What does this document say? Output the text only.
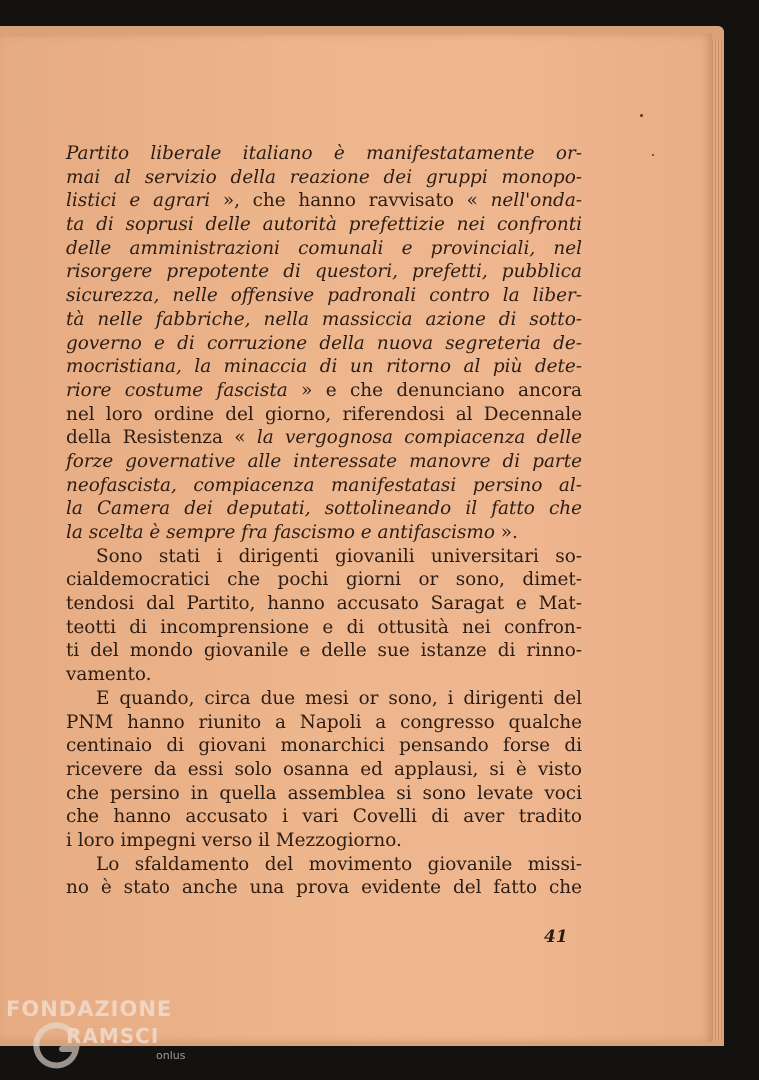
Partito liberale italiano è manifestatamente or-
mai al servizio della reazione dei gruppi monopo-
listici e agrari », che hanno ravvisato « nell'onda-
ta di soprusi delle autorità prefettizie nei confronti
delle amministrazioni comunali e provinciali, nel
risorgere prepotente di questori, prefetti, pubblica
sicurezza, nelle offensive padronali contro la liber-
tà nelle fabbriche, nella massiccia azione di sotto-
governo e di corruzione della nuova segreteria de-
mocristiana, la minaccia di un ritorno al più dete-
riore costume fascista » e che denunciano ancora
nel loro ordine del giorno, riferendosi al Decennale
della Resistenza « la vergognosa compiacenza delle
forze governative alle interessate manovre di parte
neofascista, compiacenza manifestatasi persino al-
la Camera dei deputati, sottolineando il fatto che
la scelta è sempre fra fascismo e antifascismo ».
Sono stati i dirigenti giovanili universitari so-
cialdemocratici che pochi giorni or sono, dimet-
tendosi dal Partito, hanno accusato Saragat e Mat-
teotti di incomprensione e di ottusità nei confron-
ti del mondo giovanile e delle sue istanze di rinno-
vamento.
E quando, circa due mesi or sono, i dirigenti del
PNM hanno riunito a Napoli a congresso qualche
centinaio di giovani monarchici pensando forse di
ricevere da essi solo osanna ed applausi, si è visto
che persino in quella assemblea si sono levate voci
che hanno accusato i vari Covelli di aver tradito
i loro impegni verso il Mezzogiorno.
Lo sfaldamento del movimento giovanile missi-
no è stato anche una prova evidente del fatto che
41
FONDAZIONE
RAMSCI
onlus
